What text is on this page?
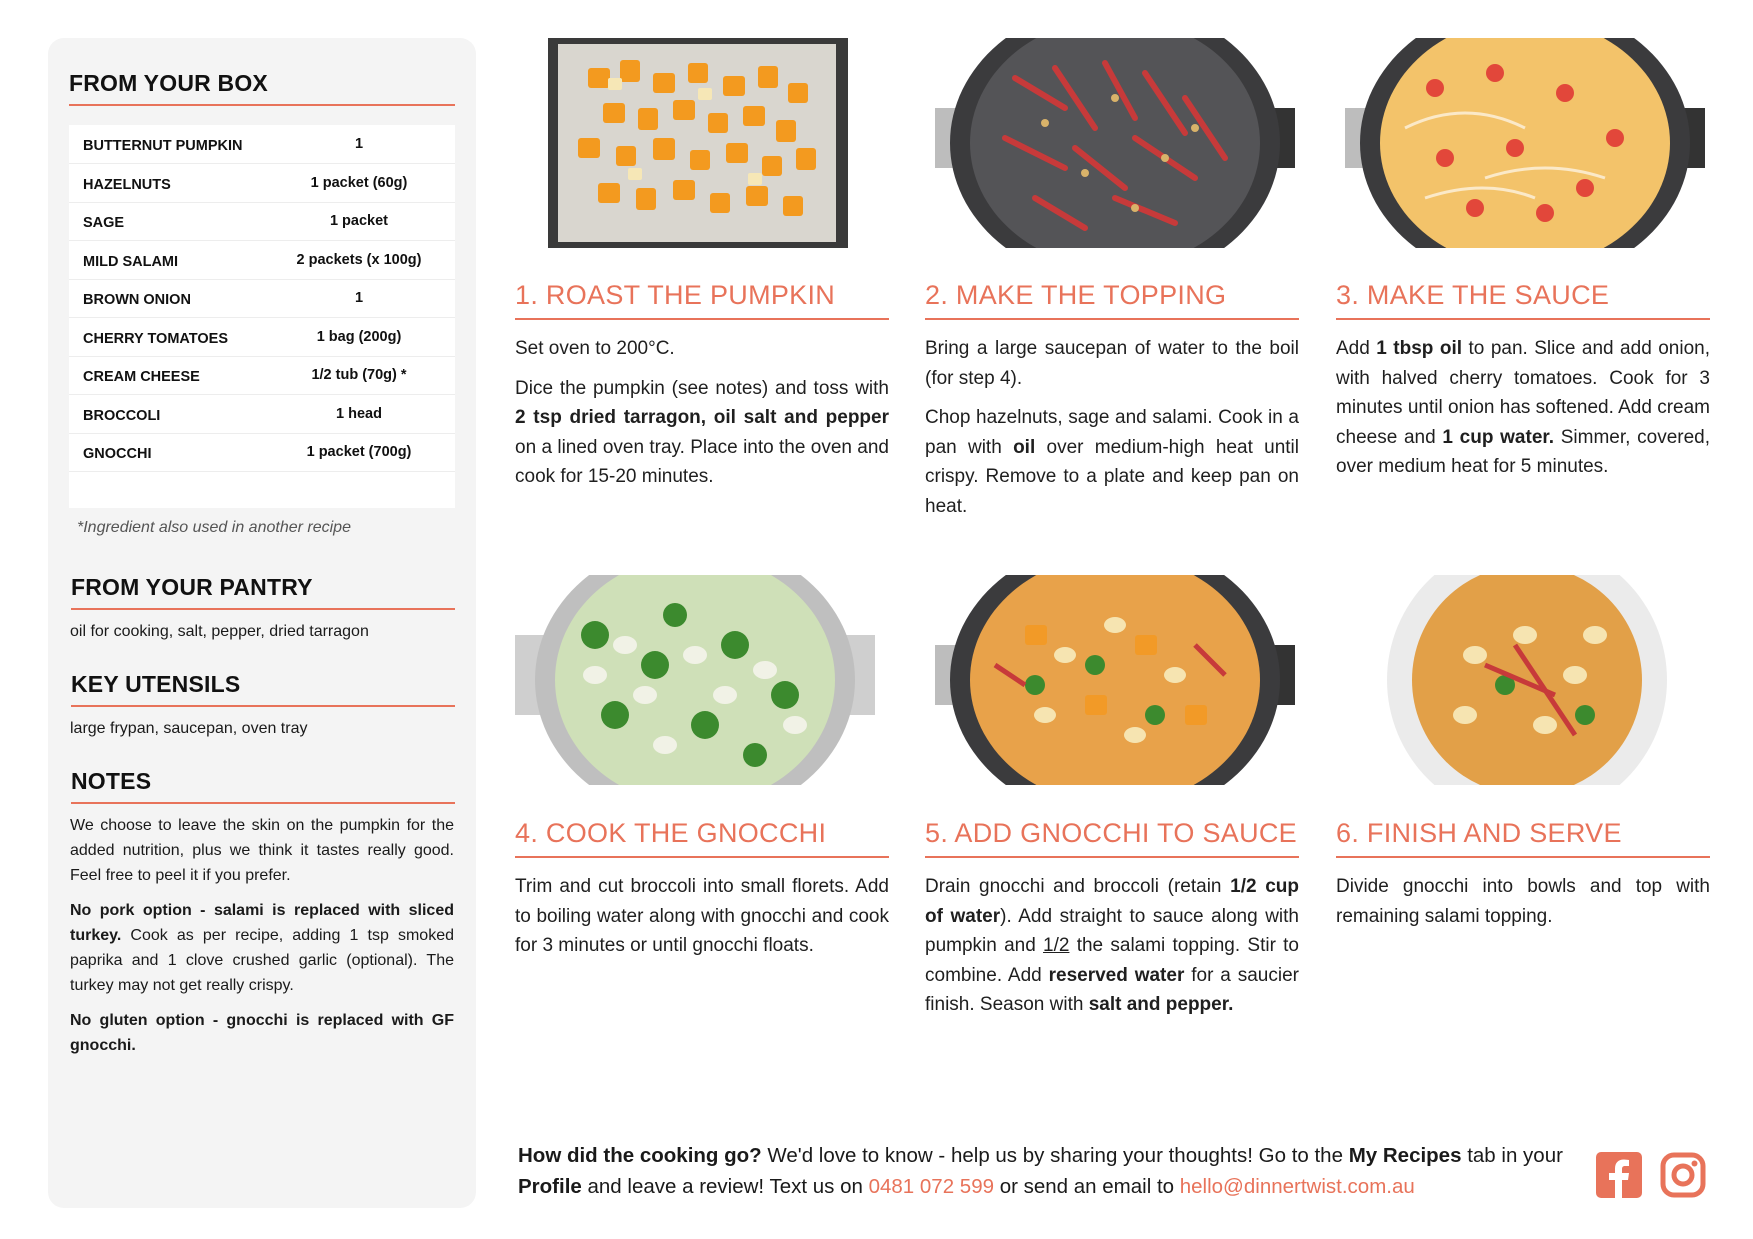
FROM YOUR BOX
BUTTERNUT PUMPKIN	1
HAZELNUTS	1 packet (60g)
SAGE	1 packet
MILD SALAMI	2 packets (x 100g)
BROWN ONION	1
CHERRY TOMATOES	1 bag (200g)
CREAM CHEESE	1/2 tub (70g) *
BROCCOLI	1 head
GNOCCHI	1 packet (700g)
*Ingredient also used in another recipe
FROM YOUR PANTRY
oil for cooking, salt, pepper, dried tarragon
KEY UTENSILS
large frypan, saucepan, oven tray
NOTES

We choose to leave the skin on the pumpkin for the added nutrition, plus we think it tastes really good. Feel free to peel it if you prefer.

No pork option - salami is replaced with sliced turkey. Cook as per recipe, adding 1 tsp smoked paprika and 1 clove crushed garlic (optional). The turkey may not get really crispy.

No gluten option - gnocchi is replaced with GF gnocchi.

1. ROAST THE PUMPKIN

Set oven to 200°C.

Dice the pumpkin (see notes) and toss with 2 tsp dried tarragon, oil salt and pepper on a lined oven tray. Place into the oven and cook for 15-20 minutes.

2. MAKE THE TOPPING

Bring a large saucepan of water to the boil (for step 4).

Chop hazelnuts, sage and salami. Cook in a pan with oil over medium-high heat until crispy. Remove to a plate and keep pan on heat.

3. MAKE THE SAUCE

Add 1 tbsp oil to pan. Slice and add onion, with halved cherry tomatoes. Cook for 3 minutes until onion has softened. Add cream cheese and 1 cup water. Simmer, covered, over medium heat for 5 minutes.

4. COOK THE GNOCCHI

Trim and cut broccoli into small florets. Add to boiling water along with gnocchi and cook for 3 minutes or until gnocchi floats.

5. ADD GNOCCHI TO SAUCE

Drain gnocchi and broccoli (retain 1/2 cup of water). Add straight to sauce along with pumpkin and 1/2 the salami topping. Stir to combine. Add reserved water for a saucier finish. Season with salt and pepper.

6. FINISH AND SERVE

Divide gnocchi into bowls and top with remaining salami topping.

How did the cooking go? We'd love to know - help us by sharing your thoughts! Go to the My Recipes tab in your Profile and leave a review! Text us on 0481 072 599 or send an email to hello@dinnertwist.com.au
